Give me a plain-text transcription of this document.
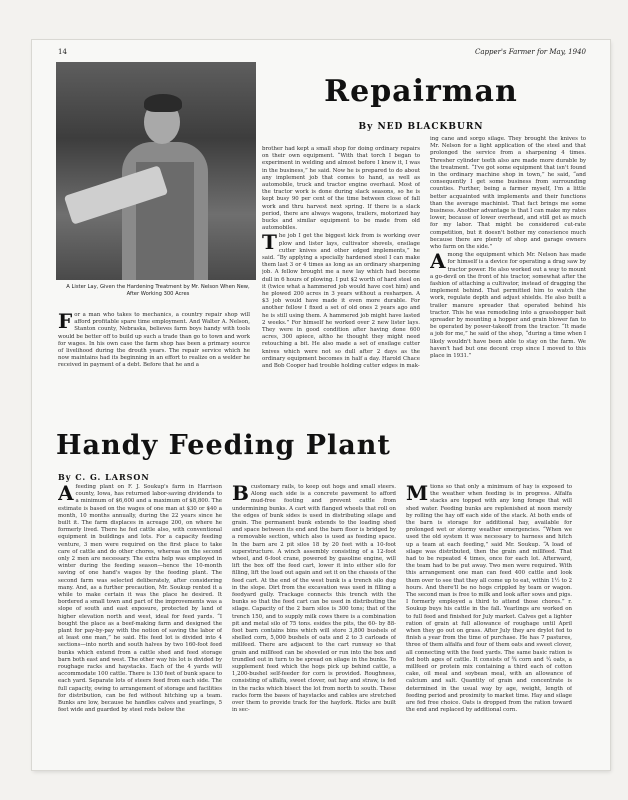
14	Capper's Farmer for May, 1940
A Lister Lay, Given the Hardening Treatment by Mr. Nelson When New, After Working 300 Acres
Repairman
By NED BLACKBURN

For a man who takes to mechanics, a country repair shop will afford profitable spare time employment. And Walter A. Nelson, Stanton county, Nebraska, believes farm boys handy with tools would be better off to build up such a trade than go to town and work for wages. In his own case the farm shop has been a primary source of livelihood during the drouth years. The repair service which he now maintains had its beginning in an effort to realize on a welder he received in payment of a debt. Before that he and a

brother had kept a small shop for doing ordinary repairs on their own equipment. “With that torch I began to experiment in welding and almost before I knew it, I was in the business,” he said. Now he is prepared to do about any implement job that comes to hand, as well as automobile, truck and tractor engine overhaul. Most of the tractor work is done during slack seasons, so he is kept busy 90 per cent of the time between close of fall work and thru harvest next spring. If there is a slack period, there are always wagons, trailers, motorized hay bucks and similar equipment to be made from old automobiles.

The job I get the biggest kick from is working over plow and lister lays, cultivator shovels, ensilage cutter knives and other edged implements,” he said. “By applying a specially hardened steel I can make them last 3 or 4 times as long as an ordinary sharpening job. A fellow brought me a new lay which had become dull in 6 hours of plowing. I put $2 worth of hard steel on it (twice what a hammered job would have cost him) and he plowed 200 acres in 3 years without a resharpen. A $3 job would have made it even more durable. For another fellow I fixed a set of old ones 2 years ago and he is still using them. A hammered job might have lasted 2 weeks.” For himself he worked over 2 new lister lays. They were in good condition after having done 600 acres, 300 apiece, altho he thought they might need retouching a bit. He also made a set of ensilage cutter knives which were not so dull after 2 days as the ordinary equipment becomes in half a day. Harold Chace and Bob Cooper had trouble holding cutter edges in mak-

ing cane and sorgo silage. They brought the knives to Mr. Nelson for a light application of the steel and that prolonged the service from a sharpening 4 times. Thresher cylinder teeth also are made more durable by the treatment. “I've got some equipment that isn't found in the ordinary machine shop in town,” he said, “and consequently I get some business from surrounding counties. Further, being a farmer myself, I'm a little better acquainted with implements and their functions than the average machinist. That fact brings me some business. Another advantage is that I can make my rates lower, because of lower overhead, and still get as much for my labor. That might be considered cut-rate competition, but it doesn't bother my conscience much because there are plenty of shop and garage owners who farm on the side.”

Among the equipment which Mr. Nelson has made for himself is a device for operating a drag saw by tractor power. He also worked out a way to mount a go-devil on the front of his tractor, somewhat after the fashion of attaching a cultivator, instead of dragging the implement behind. That permitted him to watch the work, regulate depth and adjust shields. He also built a trailer manure spreader that operated behind his tractor. This he was remodeling into a grasshopper bait spreader by mounting a hopper and grain blower fan to be operated by power-takeoff from the tractor. “It made a job for me,” he said of the shop, “during a time when I likely wouldn't have been able to stay on the farm. We haven't had but one decent crop since I moved to this place in 1931.”

Handy Feeding Plant
By C. G. LARSON

Afeeding plant on F. J. Soukup's farm in Harrison county, Iowa, has returned labor-saving dividends to a minimum of $6,600 and a maximum of $8,800. The estimate is based on the wages of one man at $30 or $40 a month, 10 months annually, during the 22 years since he built it. The farm displaces in acreage 200, on where he formerly lived. There he fed cattle also, with conventional equipment in buildings and lots. For a capacity feeding venture, 3 men were required on the first place to take care of cattle and do other chores, whereas on the second only 2 men are necessary. The extra help was employed in winter during the feeding season—hence the 10-month saving of one hand's wages by the feeding plant. The second farm was selected deliberately, after considering many. And, as a further precaution, Mr. Soukup rented it a while to make certain it was the place he desired. It bordered a small town and part of the improvements was a slope of south and east exposure, protected by land of higher elevation north and west, ideal for feed yards. “I bought the place as a beef-making farm and designed the plant for pay-by-pay with the notion of saving the labor of at least one man,” he said. His feed lot is divided into 4 sections—into north and south halves by two 160-foot feed bunks which extend from a cattle shed and feed storage barn both east and west. The other way his lot is divided by roughage racks and haystacks. Each of the 4 yards will accommodate 100 cattle. There is 130 feet of bunk space to each yard. Separate lots of steers feed from each side. The full capacity, owing to arrangement of storage and facilities for distribution, can be fed without hitching up a team. Bunks are low, because he handles calves and yearlings, 5 feet wide and guarded by steel rods below the

Bcustomary rails, to keep out hogs and small steers. Along each side is a concrete pavement to afford mud-free footing and prevent cattle from undermining bunks. A cart with flanged wheels that roll on the edges of bunk sides is used in distributing silage and grain. The permanent bunk extends to the loading shed and space between its end and the barn floor is bridged by a removable section, which also is used as feeding space. In the barn are 2 pit silos 18 by 20 feet with a 10-foot superstructure. A winch assembly consisting of a 12-foot wheel, and 6-foot crane, powered by gasoline engine, will lift the box off the feed cart, lower it into either silo for filling, lift the load out again and set it on the chassis of the feed cart. At the end of the west bunk is a trench silo dug in the slope. Dirt from the excavation was used in filling a feedyard gully. Trackage connects this trench with the bunks so that the feed cart can be used in distributing the silage. Capacity of the 2 barn silos is 300 tons; that of the trench 150, and to supply milk cows there is a combination pit and metal silo of 75 tons. esides the pits, the 60- by 88-foot barn contains bins which will store 3,800 bushels of shelled corn, 5,000 bushels of oats and 2 to 3 carloads of millfeed. There are adjacent to the cart runway so that grain and millfeed can be shoveled or run into the box and trundled out in turn to be spread on silage in the bunks. To supplement feed which the hogs pick up behind cattle, a 1,200-bushel self-feeder for corn is provided. Roughness, consisting of alfalfa, sweet clover, oat hay and straw, is fed in the racks which bisect the lot from north to south. These racks form the bases of haystacks and cables are stretched over them to provide track for the hayfork. Ricks are built in sec-

Mtions so that only a minimum of hay is exposed to the weather when feeding is in progress. Alfalfa stacks are topped with any long forage that will shed water. Feeding bunks are replenished at noon merely by rolling the hay off each side of the stack. At both ends of the barn is storage for additional hay, available for prolonged wet or stormy weather emergencies. “When we used the old system it was necessary to harness and hitch up a team at each feeding,” said Mr. Soukup. “A load of silage was distributed, then the grain and millfeed. That had to be repeated 4 times, once for each lot. Afterward, the team had to be put away. Two men were required. With this arrangement one man can feed 400 cattle and look them over to see that they all come up to eat, within 1½ to 2 hours. And there'll be no hogs crippled by team or wagon. The second man is free to milk and look after sows and pigs. I formerly employed a third to attend those chores.” r. Soukup buys his cattle in the fall. Yearlings are worked on to full feed and finished for July market. Calves get a lighter ration of grain at full allowance of roughage until April when they go out on grass. After July they are drylot fed to finish a year from the time of purchase. He has 7 pastures, three of them alfalfa and four of them oats and sweet clover, all connecting with the feed yards. The same basic ration is fed both ages of cattle. It consists of ¾ corn and ¼ oats, a millfeed or protein mix containing a third each of cotton cake, oil meal and soybean meal, with an allowance of calcium and salt. Quantity of grain and concentrate is determined in the usual way by age, weight, length of feeding period and proximity to market time. Hay and silage are fed free choice. Oats is dropped from the ration toward the end and replaced by additional corn.
